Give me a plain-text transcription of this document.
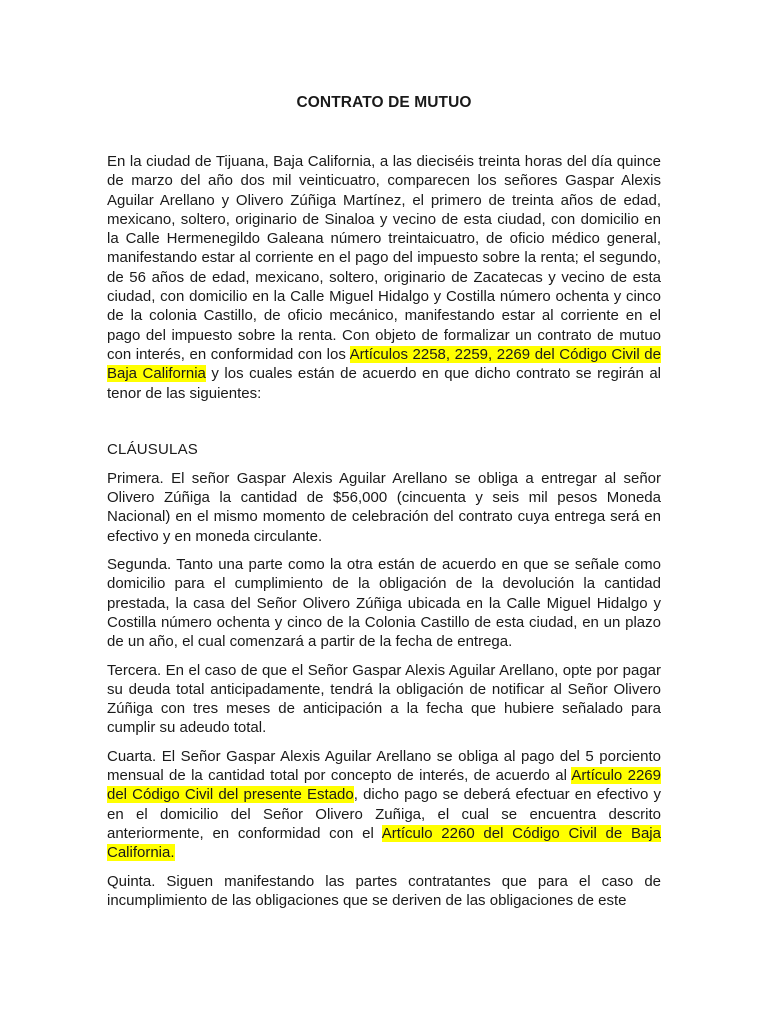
CONTRATO DE MUTUO

En la ciudad de Tijuana, Baja California, a las dieciséis treinta horas del día quince de marzo del año dos mil veinticuatro, comparecen los señores Gaspar Alexis Aguilar Arellano y Olivero Zúñiga Martínez, el primero de treinta años de edad, mexicano, soltero, originario de Sinaloa y vecino de esta ciudad, con domicilio en la Calle Hermenegildo Galeana número treintaicuatro, de oficio médico general, manifestando estar al corriente en el pago del impuesto sobre la renta; el segundo, de 56 años de edad, mexicano, soltero, originario de Zacatecas y vecino de esta ciudad, con domicilio en la Calle Miguel Hidalgo y Costilla número ochenta y cinco de la colonia Castillo, de oficio mecánico, manifestando estar al corriente en el pago del impuesto sobre la renta. Con objeto de formalizar un contrato de mutuo con interés, en conformidad con los Artículos 2258, 2259, 2269 del Código Civil de Baja California y los cuales están de acuerdo en que dicho contrato se regirán al tenor de las siguientes:

CLÁUSULAS

Primera. El señor Gaspar Alexis Aguilar Arellano se obliga a entregar al señor Olivero Zúñiga la cantidad de $56,000 (cincuenta y seis mil pesos Moneda Nacional) en el mismo momento de celebración del contrato cuya entrega será en efectivo y en moneda circulante.

Segunda. Tanto una parte como la otra están de acuerdo en que se señale como domicilio para el cumplimiento de la obligación de la devolución la cantidad prestada, la casa del Señor Olivero Zúñiga ubicada en la Calle Miguel Hidalgo y Costilla número ochenta y cinco de la Colonia Castillo de esta ciudad, en un plazo de un año, el cual comenzará a partir de la fecha de entrega.

Tercera. En el caso de que el Señor Gaspar Alexis Aguilar Arellano, opte por pagar su deuda total anticipadamente, tendrá la obligación de notificar al Señor Olivero Zúñiga con tres meses de anticipación a la fecha que hubiere señalado para cumplir su adeudo total.

Cuarta. El Señor Gaspar Alexis Aguilar Arellano se obliga al pago del 5 porciento mensual de la cantidad total por concepto de interés, de acuerdo al Artículo 2269 del Código Civil del presente Estado, dicho pago se deberá efectuar en efectivo y en el domicilio del Señor Olivero Zuñiga, el cual se encuentra descrito anteriormente, en conformidad con el Artículo 2260 del Código Civil de Baja California.

Quinta. Siguen manifestando las partes contratantes que para el caso de incumplimiento de las obligaciones que se deriven de las obligaciones de este
